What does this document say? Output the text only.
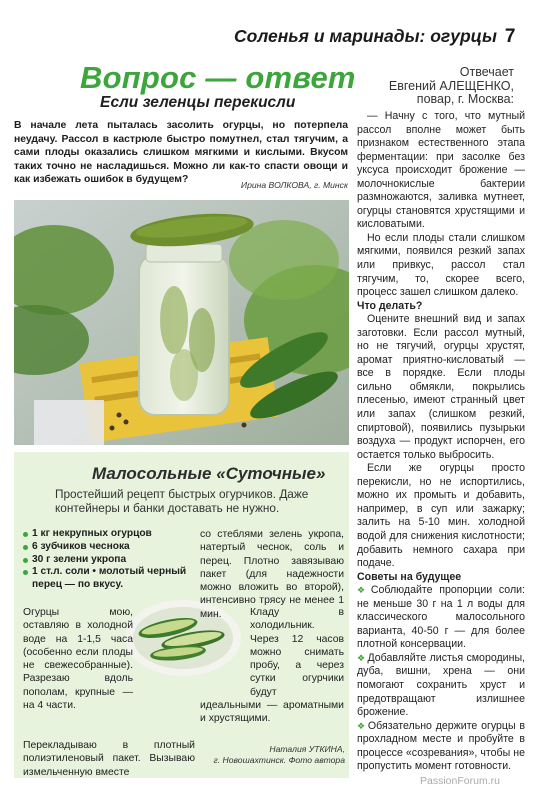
Соленья и маринады: огурцы 7
Вопрос — ответ
Если зеленцы перекисли
Отвечает
Евгений АЛЕЩЕНКО,
повар, г. Москва:
В начале лета пыталась засолить огурцы, но потерпела неудачу. Рассол в кастрюле быстро помутнел, стал тягучим, а сами плоды оказались слишком мягкими и кислыми. Вкусом таких точно не насладишься. Можно ли как-то спасти овощи и как избежать ошибок в будущем?	Ирина ВОЛКОВА, г. Минск
Малосольные «Суточные»
Простейший рецепт быстрых огурчиков. Даже контейнеры и банки доставать не нужно.
1 кг некрупных огурцов
6 зубчиков чеснока
30 г зелени укропа
1 ст.л. соли • молотый черный перец — по вкусу.
Огурцы мою, оставляю в холодной воде на 1-1,5 часа (особенно если плоды не свежесобранные). Разрезаю вдоль пополам, крупные — на 4 части.
Перекладываю в плотный полиэтиленовый пакет. Вызываю измельченную вместе
со стеблями зелень укропа, натертый чеснок, соль и перец. Плотно завязываю пакет (для надежности можно вложить во второй), интенсивно трясу не менее 1 мин.	Кладу в холодильник. Через 12 часов можно снимать пробу, а через сутки огурчики будут
идеальными — ароматными и хрустящими.
Наталия УТКИНА,
г. Новошахтинск. Фото автора

— Начну с того, что мутный рассол вполне может быть признаком естественного этапа ферментации: при засолке без уксуса происходит брожение — молочнокислые бактерии размножаются, заливка мутнеет, огурцы становятся хрустящими и кисловатыми.

Но если плоды стали слишком мягкими, появился резкий запах или привкус, рассол стал тягучим, то, скорее всего, процесс зашел слишком далеко.

Что делать?

Оцените внешний вид и запах заготовки. Если рассол мутный, но не тягучий, огурцы хрустят, аромат приятно-кисловатый — все в порядке. Если плоды сильно обмякли, покрылись плесенью, имеют странный цвет или запах (слишком резкий, спиртовой), появились пузырьки воздуха — продукт испорчен, его остается только выбросить.

Если же огурцы просто перекисли, но не испортились, можно их промыть и добавить, например, в суп или зажарку; залить на 5-10 мин. холодной водой для снижения кислотности; добавить немного сахара при подаче.

Советы на будущее

❖ Соблюдайте пропорции соли: не меньше 30 г на 1 л воды для классического малосольного варианта, 40-50 г — для более плотной консервации.

❖ Добавляйте листья смородины, дуба, вишни, хрена — они помогают сохранить хруст и предотвращают излишнее брожение.

❖ Обязательно держите огурцы в прохладном месте и пробуйте в процессе «созревания», чтобы не пропустить момент готовности.

PassionForum.ru
